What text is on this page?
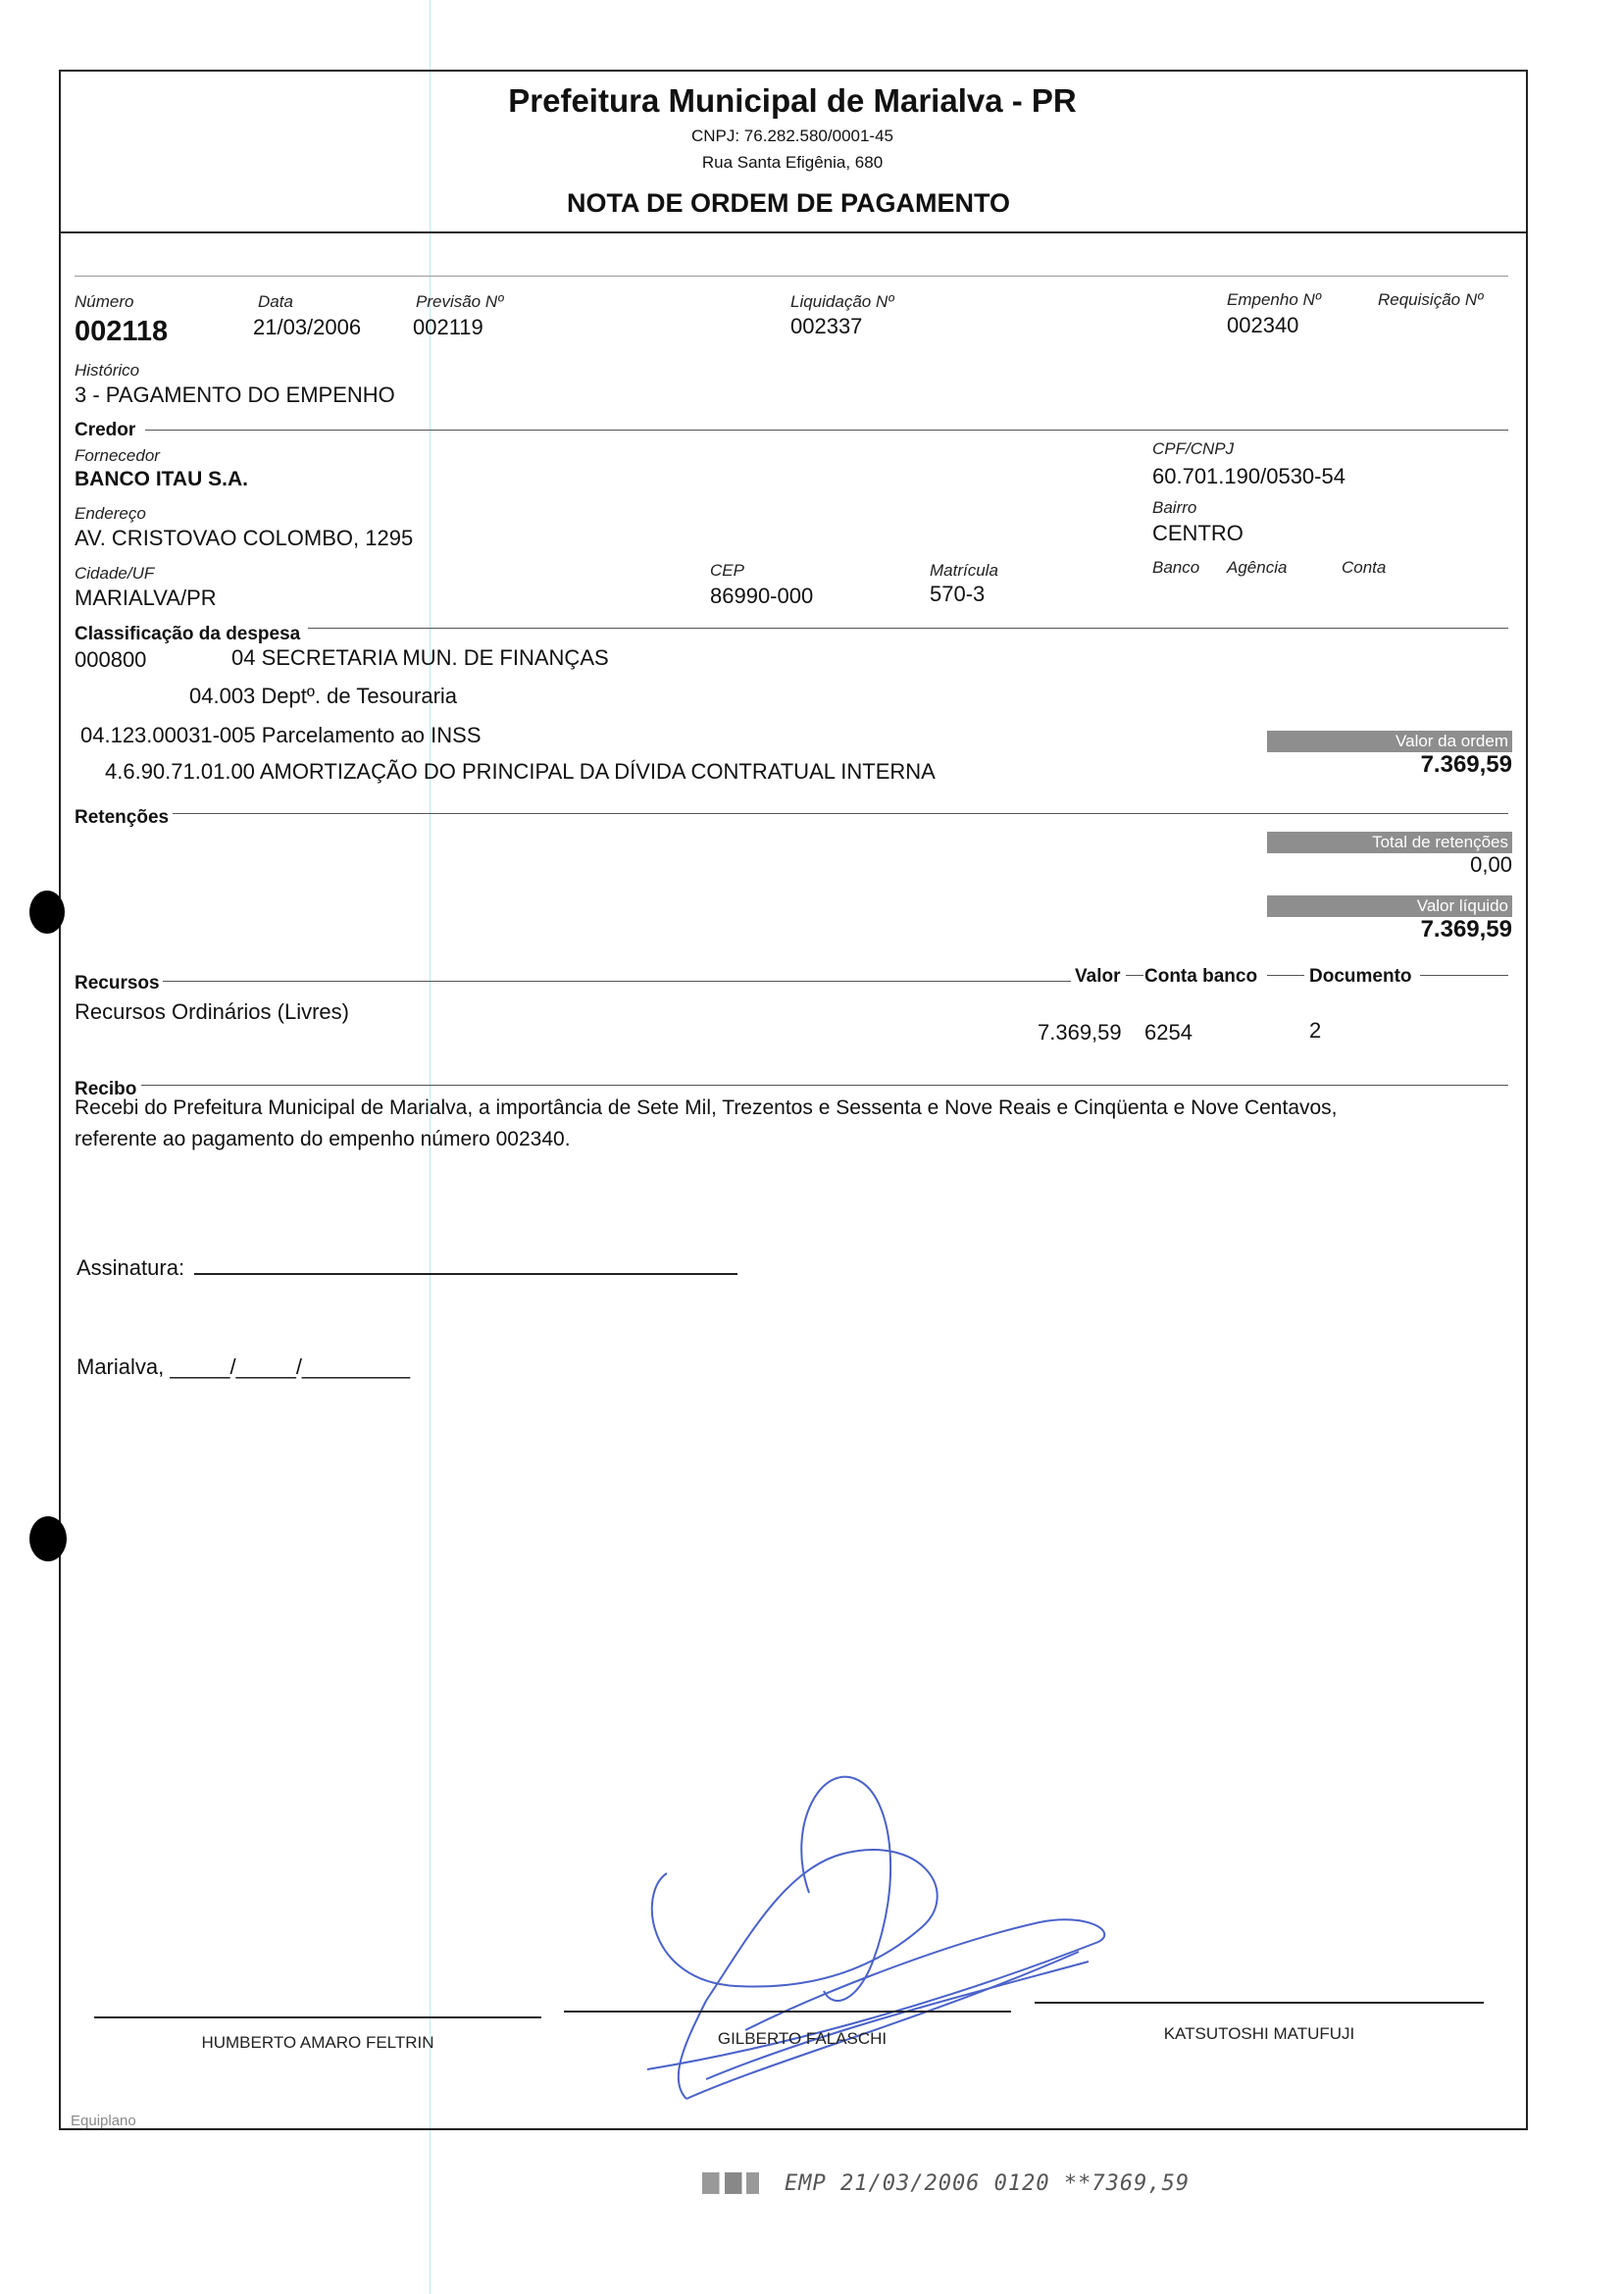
Prefeitura Municipal de Marialva - PR
CNPJ: 76.282.580/0001-45
Rua Santa Efigênia, 680
NOTA DE ORDEM DE PAGAMENTO
Número
002118
Data
21/03/2006
Previsão Nº
002119
Liquidação Nº
002337
Empenho Nº
002340
Requisição Nº
Histórico
3 - PAGAMENTO DO EMPENHO
Credor
Fornecedor
BANCO ITAU S.A.
CPF/CNPJ
60.701.190/0530-54
Endereço
AV. CRISTOVAO COLOMBO, 1295
Bairro
CENTRO
Cidade/UF
MARIALVA/PR
CEP
86990-000
Matrícula
570-3
Banco Agência	Conta
Classificação da despesa
000800	04 SECRETARIA MUN. DE FINANÇAS
04.003 Deptº. de Tesouraria
04.123.00031-005 Parcelamento ao INSS
4.6.90.71.01.00 AMORTIZAÇÃO DO PRINCIPAL DA DÍVIDA CONTRATUAL INTERNA
Valor da ordem
7.369,59
Retenções
Total de retenções
0,00
Valor líquido
7.369,59
Recursos	Valor Conta banco	Documento
Recursos Ordinários (Livres)
7.369,59 6254	2
Recibo
Recebi do Prefeitura Municipal de Marialva, a importância de Sete Mil, Trezentos e Sessenta e Nove Reais e Cinqüenta e Nove Centavos,
referente ao pagamento do empenho número 002340.
Assinatura:
Marialva, _____/_____/_________
HUMBERTO AMARO FELTRIN	GILBERTO FALASCHI	KATSUTOSHI MATUFUJI
Equiplano
EMP 21/03/2006 0120 **7369,59
